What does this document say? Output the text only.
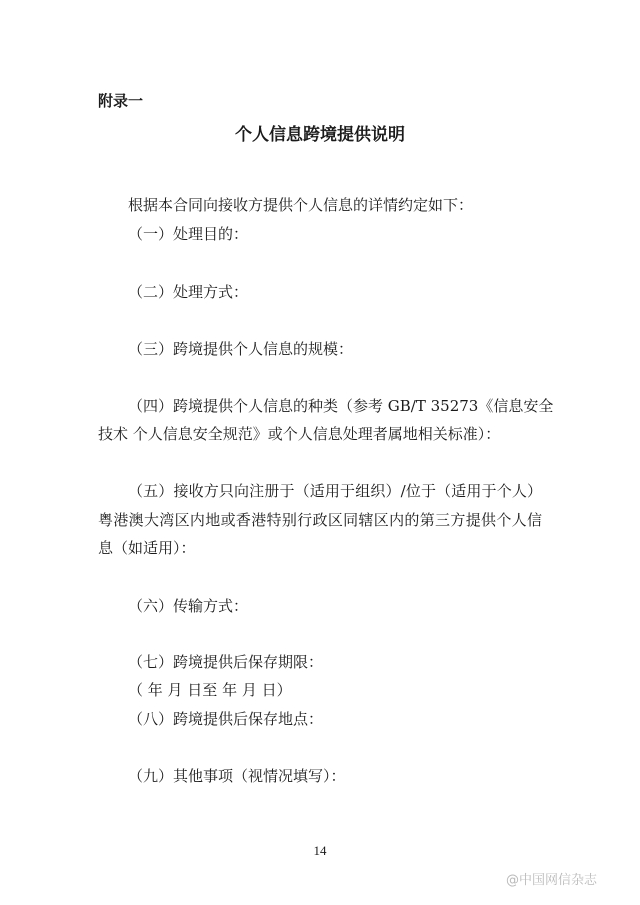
附录一
个人信息跨境提供说明
根据本合同向接收方提供个人信息的详情约定如下：
（一）处理目的：
（二）处理方式：
（三）跨境提供个人信息的规模：
（四）跨境提供个人信息的种类（参考 GB/T 35273《信息安全
技术 个人信息安全规范》或个人信息处理者属地相关标准）：
（五）接收方只向注册于（适用于组织）/位于（适用于个人）
粤港澳大湾区内地或香港特别行政区同辖区内的第三方提供个人信
息（如适用）：
（六）传输方式：
（七）跨境提供后保存期限：
（ 年 月 日至 年 月 日）
（八）跨境提供后保存地点：
（九）其他事项（视情况填写）：
14
@中国网信杂志
